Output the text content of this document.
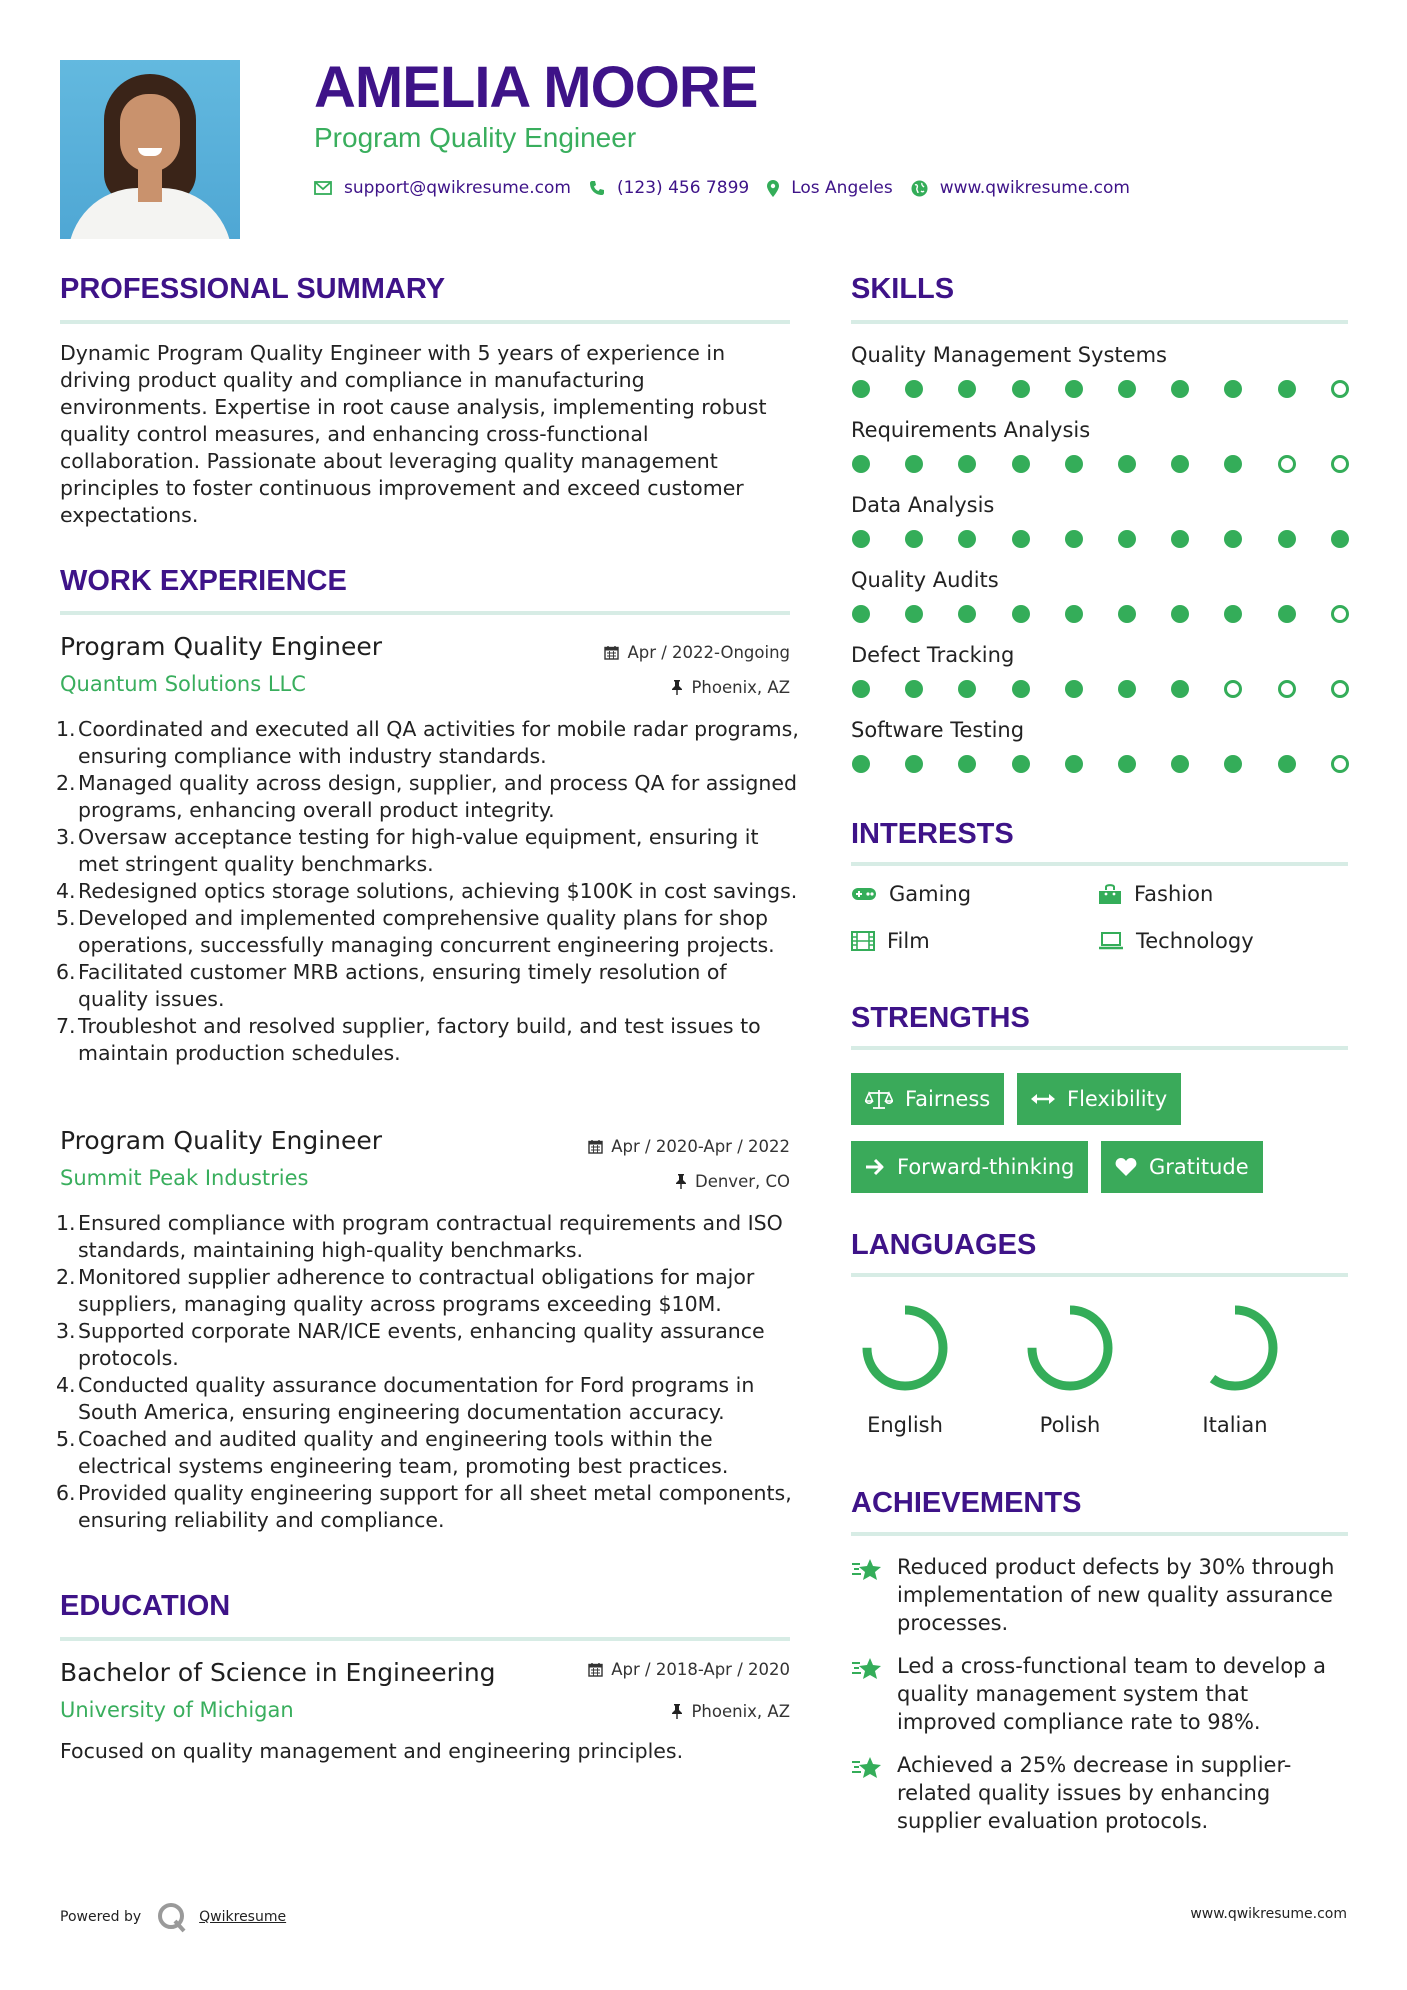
AMELIA MOORE
Program Quality Engineer
support@qwikresume.com	(123) 456 7899 Los Angeles	www.qwikresume.com
PROFESSIONAL SUMMARY

Dynamic Program Quality Engineer with 5 years of experience in driving product quality and compliance in manufacturing environments. Expertise in root cause analysis, implementing robust quality control measures, and enhancing cross-functional collaboration. Passionate about leveraging quality management principles to foster continuous improvement and exceed customer expectations.

WORK EXPERIENCE
Program Quality Engineer	Apr / 2022-Ongoing
Quantum Solutions LLC	Phoenix, AZ
1. Coordinated and executed all QA activities for mobile radar programs, ensuring compliance with industry standards.
2. Managed quality across design, supplier, and process QA for assigned programs, enhancing overall product integrity.
3. Oversaw acceptance testing for high-value equipment, ensuring it met stringent quality benchmarks.
4. Redesigned optics storage solutions, achieving $100K in cost savings.
5. Developed and implemented comprehensive quality plans for shop operations, successfully managing concurrent engineering projects.
6. Facilitated customer MRB actions, ensuring timely resolution of quality issues.
7. Troubleshot and resolved supplier, factory build, and test issues to maintain production schedules.
Program Quality Engineer	Apr / 2020-Apr / 2022
Summit Peak Industries	Denver, CO
1. Ensured compliance with program contractual requirements and ISO standards, maintaining high-quality benchmarks.
2. Monitored supplier adherence to contractual obligations for major suppliers, managing quality across programs exceeding $10M.
3. Supported corporate NAR/ICE events, enhancing quality assurance protocols.
4. Conducted quality assurance documentation for Ford programs in South America, ensuring engineering documentation accuracy.
5. Coached and audited quality and engineering tools within the electrical systems engineering team, promoting best practices.
6. Provided quality engineering support for all sheet metal components, ensuring reliability and compliance.
EDUCATION
Bachelor of Science in Engineering	Apr / 2018-Apr / 2020
University of Michigan	Phoenix, AZ

Focused on quality management and engineering principles.

SKILLS
INTERESTS
Gaming	Fashion
Film	Technology
STRENGTHS
Fairness	Flexibility
Forward-thinking	Gratitude
LANGUAGES
ACHIEVEMENTS
Reduced product defects by 30% through implementation of new quality assurance processes.
Led a cross-functional team to develop a quality management system that improved compliance rate to 98%.
Achieved a 25% decrease in supplier-related quality issues by enhancing supplier evaluation protocols.
Powered by	Qwikresume	www.qwikresume.com
Quality Management Systems
Requirements Analysis
Data Analysis
Quality Audits
Defect Tracking
Software Testing
English	Polish	Italian
